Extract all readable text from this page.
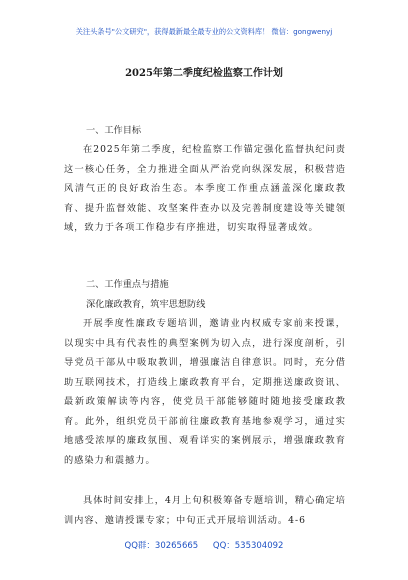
关注头条号"公文研究"，获得最新最全最专业的公文资料库！ 微信：gongwenyj
2025年第二季度纪检监察工作计划
一、工作目标
在2025年第二季度，纪检监察工作锚定强化监督执纪问责这一核心任务，全力推进全面从严治党向纵深发展，积极营造风清气正的良好政治生态。本季度工作重点涵盖深化廉政教育、提升监督效能、攻坚案件查办以及完善制度建设等关键领域，致力于各项工作稳步有序推进，切实取得显著成效。
二、工作重点与措施
深化廉政教育，筑牢思想防线
开展季度性廉政专题培训，邀请业内权威专家前来授课，以现实中具有代表性的典型案例为切入点，进行深度剖析，引导党员干部从中吸取教训，增强廉洁自律意识。同时，充分借助互联网技术，打造线上廉政教育平台，定期推送廉政资讯、最新政策解读等内容，使党员干部能够随时随地接受廉政教育。此外，组织党员干部前往廉政教育基地参观学习，通过实地感受浓厚的廉政氛围、观看详实的案例展示，增强廉政教育的感染力和震撼力。
具体时间安排上，4月上旬积极筹备专题培训，精心确定培训内容、邀请授课专家；中旬正式开展培训活动。4-6
QQ群：30265665 QQ：535304092
